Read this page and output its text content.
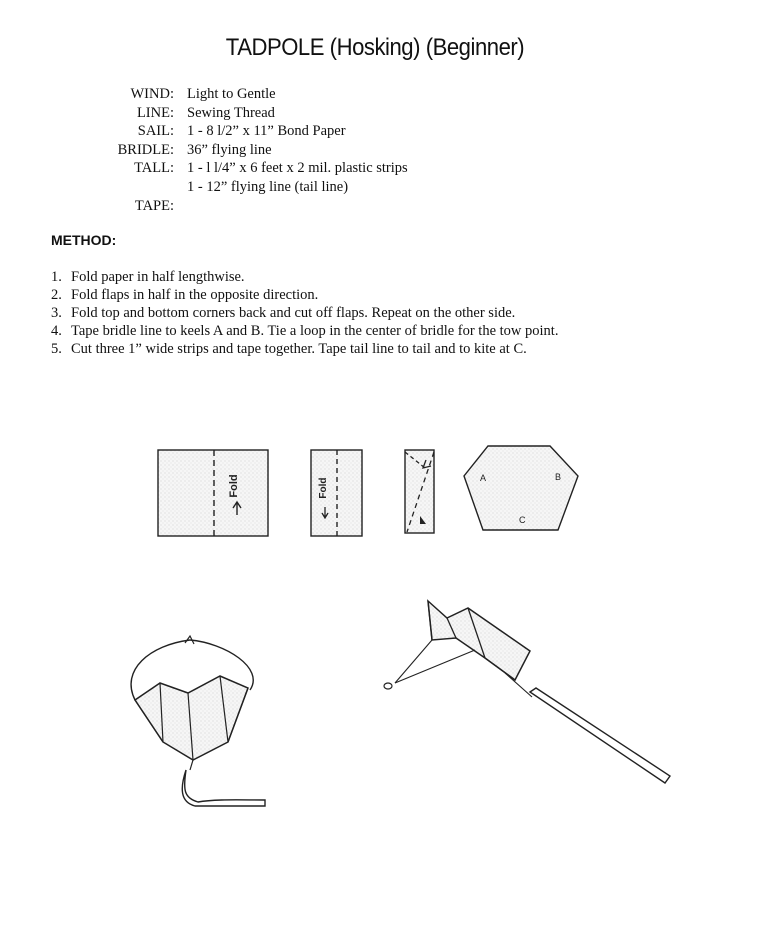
TADPOLE (Hosking) (Beginner)
WIND: Light to Gentle
LINE: Sewing Thread
SAIL: 1 - 8 l/2” x 11” Bond Paper
BRIDLE: 36” flying line
TALL: 1 - l l/4” x 6 feet x 2 mil. plastic strips
1 - 12” flying line (tail line)
TAPE:
METHOD:
1. Fold paper in half lengthwise.
2. Fold flaps in half in the opposite direction.
3. Fold top and bottom corners back and cut off flaps. Repeat on the other side.
4. Tape bridle line to keels A and B. Tie a loop in the center of bridle for the tow point.
5. Cut three 1” wide strips and tape together. Tape tail line to tail and to kite at C.
Fold	Fold	A	B
C
